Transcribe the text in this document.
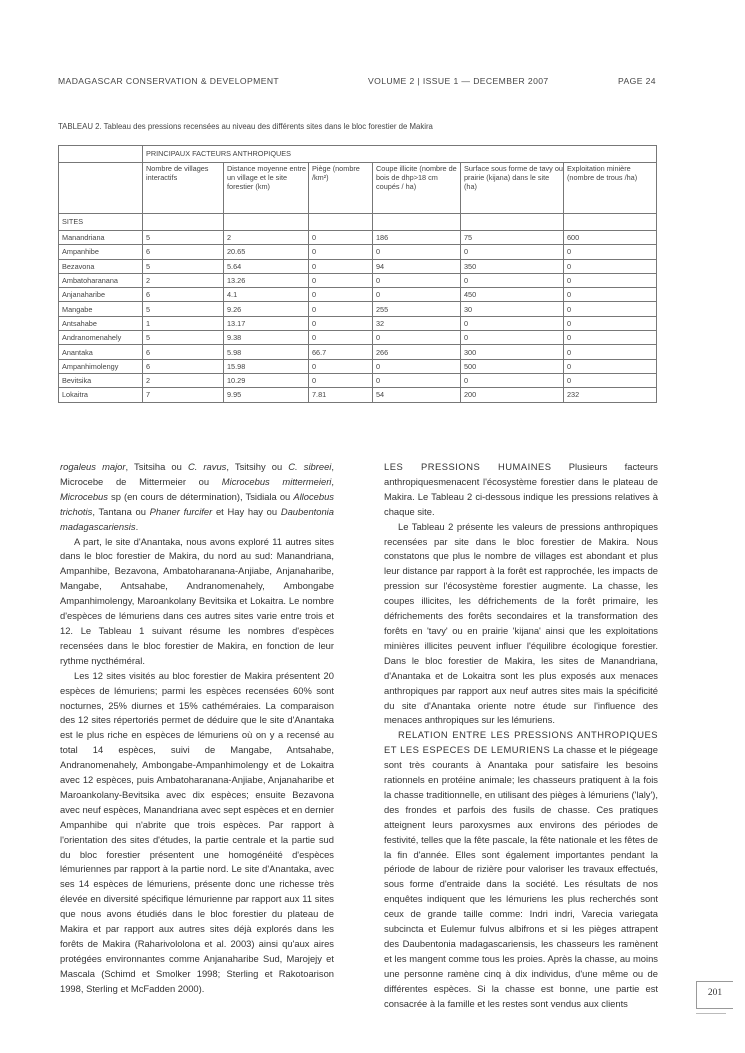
MADAGASCAR CONSERVATION & DEVELOPMENT	VOLUME 2 | ISSUE 1 — DECEMBER 2007	PAGE 24
TABLEAU 2. Tableau des pressions recensées au niveau des différents sites dans le bloc forestier de Makira
	PRINCIPAUX FACTEURS ANTHROPIQUES					
	Nombre de villages interactifs	Distance moyenne entre un village et le site forestier (km)	Piège (nombre /km²)	Coupe illicite (nombre de bois de dhp>18 cm coupés / ha)	Surface sous forme de tavy ou prairie (kijana) dans le site (ha)	Exploitation minière (nombre de trous /ha)
SITES						
Manandriana	5	2	0	186	75	600
Ampanhibe	6	20.65	0	0	0	0
Bezavona	5	5.64	0	94	350	0
Ambatoharanana	2	13.26	0	0	0	0
Anjanaharibe	6	4.1	0	0	450	0
Mangabe	5	9.26	0	255	30	0
Antsahabe	1	13.17	0	32	0	0
Andranomenahely	5	9.38	0	0	0	0
Anantaka	6	5.98	66.7	266	300	0
Ampanhimolengy	6	15.98	0	0	500	0
Bevitsika	2	10.29	0	0	0	0
Lokaitra	7	9.95	7.81	54	200	232

rogaleus major, Tsitsiha ou C. ravus, Tsitsihy ou C. sibreei, Microcebe de Mittermeier ou Microcebus mittermeieri, Microcebus sp (en cours de détermination), Tsidiala ou Allocebus trichotis, Tantana ou Phaner furcifer et Hay hay ou Daubentonia madagascariensis.

A part, le site d'Anantaka, nous avons exploré 11 autres sites dans le bloc forestier de Makira, du nord au sud: Manandriana, Ampanhibe, Bezavona, Ambatoharanana-Anjiabe, Anjanaharibe, Mangabe, Antsahabe, Andranomenahely, Ambongabe Ampanhimolengy, Maroankolany Bevitsika et Lokaitra. Le nombre d'espèces de lémuriens dans ces autres sites varie entre trois et 12. Le Tableau 1 suivant résume les nombres d'espèces recensées dans le bloc forestier de Makira, en fonction de leur rythme nycthéméral.

Les 12 sites visités au bloc forestier de Makira présentent 20 espèces de lémuriens; parmi les espèces recensées 60% sont nocturnes, 25% diurnes et 15% cathéméraies. La comparaison des 12 sites répertoriés permet de déduire que le site d'Anantaka est le plus riche en espèces de lémuriens où on y a recensé au total 14 espèces, suivi de Mangabe, Antsahabe, Andranomenahely, Ambongabe-Ampanhimolengy et de Lokaitra avec 12 espèces, puis Ambatoharanana-Anjiabe, Anjanaharibe et Maroankolany-Bevitsika avec dix espèces; ensuite Bezavona avec neuf espèces, Manandriana avec sept espèces et en dernier Ampanhibe qui n'abrite que trois espèces. Par rapport à l'orientation des sites d'études, la partie centrale et la partie sud du bloc forestier présentent une homogénéité d'espèces lémuriennes par rapport à la partie nord. Le site d'Anantaka, avec ses 14 espèces de lémuriens, présente donc une richesse très élevée en diversité spécifique lémurienne par rapport aux 11 sites que nous avons étudiés dans le bloc forestier du plateau de Makira et par rapport aux autres sites déjà explorés dans les forêts de Makira (Raharivololona et al. 2003) ainsi qu'aux aires protégées environnantes comme Anjanaharibe Sud, Marojejy et Mascala (Schimd et Smolker 1998; Sterling et Rakotoarison 1998, Sterling et McFadden 2000).

LES PRESSIONS HUMAINES Plusieurs facteurs anthropiquesmenacent l'écosystème forestier dans le plateau de Makira. Le Tableau 2 ci-dessous indique les pressions relatives à chaque site.

Le Tableau 2 présente les valeurs de pressions anthropiques recensées par site dans le bloc forestier de Makira. Nous constatons que plus le nombre de villages est abondant et plus leur distance par rapport à la forêt est rapprochée, les impacts de pression sur l'écosystème forestier augmente. La chasse, les coupes illicites, les défrichements de la forêt primaire, les défrichements des forêts secondaires et la transformation des forêts en 'tavy' ou en prairie 'kijana' ainsi que les exploitations minières illicites peuvent influer l'équilibre écologique forestier. Dans le bloc forestier de Makira, les sites de Manandriana, d'Anantaka et de Lokaitra sont les plus exposés aux menaces anthropiques par rapport aux neuf autres sites mais la spécificité du site d'Anantaka oriente notre étude sur l'influence des menaces anthropiques sur les lémuriens.

RELATION ENTRE LES PRESSIONS ANTHROPIQUES ET LES ESPECES DE LEMURIENS La chasse et le piégeage sont très courants à Anantaka pour satisfaire les besoins rationnels en protéine animale; les chasseurs pratiquent à la fois la chasse traditionnelle, en utilisant des pièges à lémuriens ('laly'), des frondes et parfois des fusils de chasse. Ces pratiques atteignent leurs paroxysmes aux environs des périodes de festivité, telles que la fête pascale, la fête nationale et les fêtes de la fin d'année. Elles sont également importantes pendant la période de labour de rizière pour valoriser les travaux effectués, sous forme d'entraide dans la société. Les résultats de nos enquêtes indiquent que les lémuriens les plus recherchés sont ceux de grande taille comme: Indri indri, Varecia variegata subcincta et Eulemur fulvus albifrons et si les pièges attrapent des Daubentonia madagascariensis, les chasseurs les ramènent et les mangent comme tous les proies. Après la chasse, au moins une personne ramène cinq à dix individus, d'une même ou de différentes espèces. Si la chasse est bonne, une partie est consacrée à la famille et les restes sont vendus aux clients

201
